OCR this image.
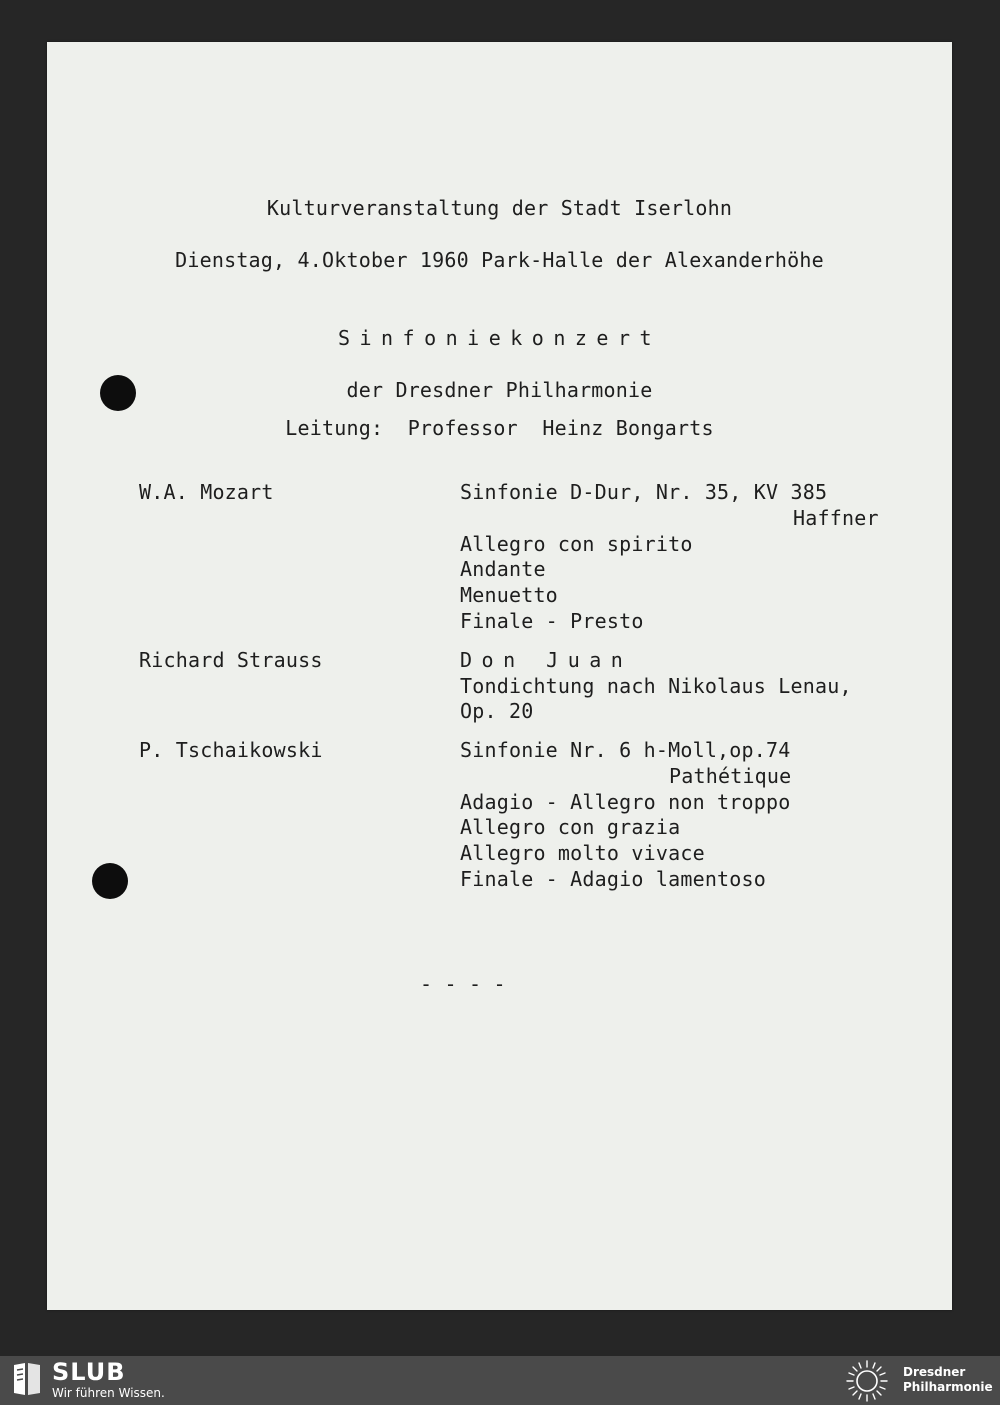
Kulturveranstaltung der Stadt Iserlohn
Dienstag, 4.Oktober 1960 Park-Halle der Alexanderhöhe
Sinfoniekonzert
der Dresdner Philharmonie
Leitung:  Professor  Heinz Bongarts
W.A. Mozart	Sinfonie D-Dur, Nr. 35, KV 385
Haffner
Allegro con spirito
Andante
Menuetto
Finale - Presto
Richard Strauss	Don Juan
Tondichtung nach Nikolaus Lenau,
Op. 20
P. Tschaikowski	Sinfonie Nr. 6 h-Moll,op.74
Pathétique
Adagio - Allegro non troppo
Allegro con grazia
Allegro molto vivace
Finale - Adagio lamentoso
- - - -
SLUB
Wir führen Wissen.
Dresdner
Philharmonie
